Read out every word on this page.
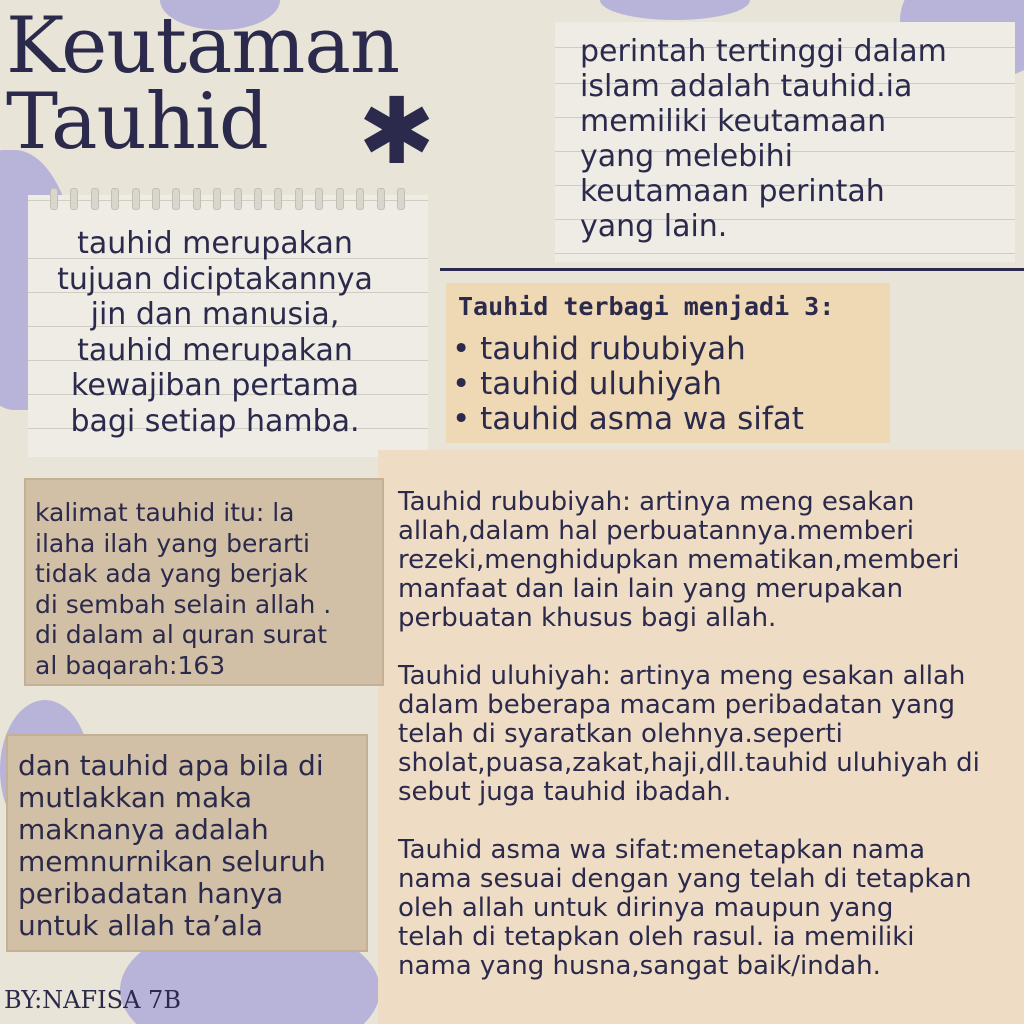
Keutaman
Tauhid ✱
perintah tertinggi dalam
islam adalah tauhid.ia
memiliki keutamaan
yang melebihi
keutamaan perintah
yang lain.
tauhid merupakan
tujuan diciptakannya
jin dan manusia,
tauhid merupakan
kewajiban pertama
bagi setiap hamba.
Tauhid terbagi menjadi 3:
• tauhid rububiyah
• tauhid uluhiyah
• tauhid asma wa sifat

Tauhid rububiyah: artinya meng esakan
allah,dalam hal perbuatannya.memberi
rezeki,menghidupkan mematikan,memberi
manfaat dan lain lain yang merupakan
perbuatan khusus bagi allah.

Tauhid uluhiyah: artinya meng esakan allah
dalam beberapa macam peribadatan yang
telah di syaratkan olehnya.seperti
sholat,puasa,zakat,haji,dll.tauhid uluhiyah di
sebut juga tauhid ibadah.

Tauhid asma wa sifat:menetapkan nama
nama sesuai dengan yang telah di tetapkan
oleh allah untuk dirinya maupun yang
telah di tetapkan oleh rasul. ia memiliki
nama yang husna,sangat baik/indah.

kalimat tauhid itu: la
ilaha ilah yang berarti
tidak ada yang berjak
di sembah selain allah .
di dalam al quran surat
al baqarah:163
dan tauhid apa bila di
mutlakkan maka
maknanya adalah
memnurnikan seluruh
peribadatan hanya
untuk allah ta’ala
BY:NAFISA 7B
